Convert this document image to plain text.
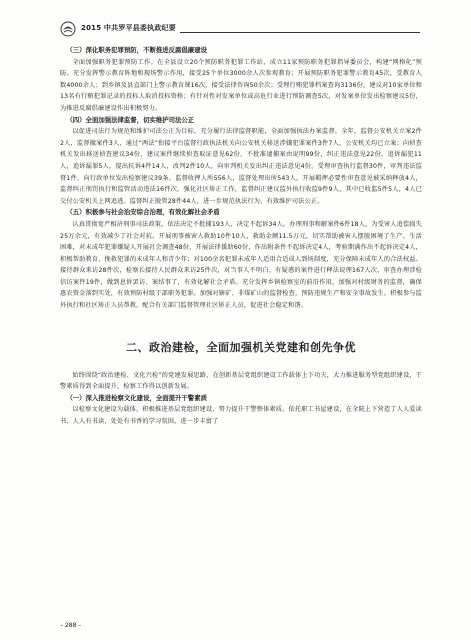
2015 中共罗平县委执政纪要
（三）深化职务犯罪预防，不断推进反腐倡廉建设

全面加强职务犯罪预防工作。在全县设立20个预防职务犯罪工作站，成立11家预防职务犯罪指导委员会，构建“网格化”预防。充分发挥警示教育阵地和现场警示作用，接受25个单位3000余人次参观教育；开展预防职务犯罪警示教育45次，受教育人数4000余人；到乡镇及县直部门上警示教育课16次，接受法律咨询50余次；受理行贿犯罪档案查询3136份，建议对10家单位和13名有行贿犯罪记录的投标人取消投标资格；有针对性对发案单位或高危行业进行预防调查5次，对发案单位发出检察建议5份，为推进反腐倡廉建设作出积极努力。

（四）全面加强法律监督，切实维护司法公正

以促进司法行为规范和维护司法公正为目标，充分履行法律监督职能，全面加强执法办案监督。全年，监督公安机关立案2件2人，监督撤案件3人，通过“两法”衔接平台监督行政执法机关向公安机关移送涉嫌犯罪案件3件7人，公安机关均已立案；向侦查机关发出移送侦查建议34份，建议案件继续侦查取证意见62份，不批准逮捕案由说明99份，纠正违法意见22份。追诉漏犯11人，追诉漏罪5人，提出抗诉4件14人，改判2件10人，向审判机关发出纠正违法意见4份。受理审查执行监督30件，审判违法监督1件，向行政单位发出检察建议39条。监督收押人所556人，监督处理出所543人，开展羁押必要性审查意见被采纳释放4人，监督纠正刑罚执行和监管活动违法16件次。强化社区矫正工作，监督纠正建议监外执行收监9件9人，其中已收监5件5人，4人已交付公安机关上网追逃。监督纠正脱管28件44人，进一步规范执法行为，有效维护司法公正。

（五）积极参与社会治安综合治理，有效化解社会矛盾

认真贯彻宽严相济刑事司法政策，依法决定不批捕193人，决定不起诉34人。办理刑事和解案件6件18人，为受害人追偿损失25万余元，有效减少了社会对抗。开展刑事被害人救助10件10人，救助金额11.5万元，切实帮助被害人摆脱困境了生产、生活困难，对未成年犯罪嫌疑人开展社会调查48份，开展法律援助60份，作出附条件不起诉决定4人，考验期满作出不起诉决定4人，积极帮助教育、挽救犯罪的未成年人和青少年；对100余名犯罪未成年人适用合适成人到场制度，充分保障未成年人的合法权益。接待群众来访28件次，检察长接待人民群众来访25件次，对当事人不明白、有疑惑的案件进行释法说理167人次，审查办理涉检信访案件19件，做到息诉罢访、案结事了，有效化解社会矛盾。充分发挥乡镇检察室的前沿作用，加强对村级财务的监督，确保惠农资金落到实处，有效预防村级干部职务犯罪。加强对辖矿、非煤矿山的监督检查，预防违规生产和安全事故发生。积极参与监外执行和社区矫正人员帮教，配合有关部门监督管理社区矫正人员，促进社会稳定和谐。

二、政治建检，全面加强机关党建和创先争优

始终围绕“政治建检、文化兴检”的党建发展思路，在创新基层党组织建设工作载体上下功夫，大力推进服务型党组织建设，干警素质得到全面提升，检察工作得以创新发展。

（一）深入推进检察文化建设，全面提升干警素质

以检察文化建设为载体，积极推进基层党组织建设，努力提升干警整体素质。依托职工书屋建设，在全院上下营造了人人爱读书、人人有书读，处处有书香的学习氛围，进一步丰富了

– 288 –
